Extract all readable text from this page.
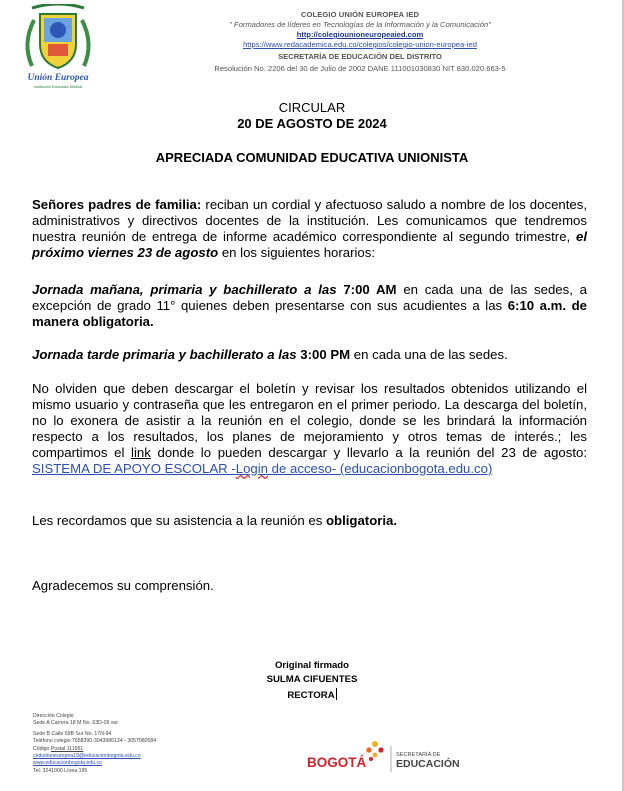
Unión Europea
Institución Educativa Distrital
COLEGIO UNIÓN EUROPEA IED
" Formadores de líderes en Tecnologías de la Información y la Comunicación"
http://colegiounioneuropeaied.com
https://www.redacademica.edu.co/colegios/colegio-union-europea-ied
SECRETARÍA DE EDUCACIÓN DEL DISTRITO
Resolución No. 2206 del 30 de Julio de 2002 DANE 111001030830 NIT 830.020.663-5
CIRCULAR
20 DE AGOSTO DE 2024
APRECIADA COMUNIDAD EDUCATIVA UNIONISTA
Señores padres de familia: reciban un cordial y afectuoso saludo a nombre de los docentes, administrativos y directivos docentes de la institución. Les comunicamos que tendremos nuestra reunión de entrega de informe académico correspondiente al segundo trimestre, el próximo viernes 23 de agosto en los siguientes horarios:
Jornada mañana, primaria y bachillerato a las 7:00 AM en cada una de las sedes, a excepción de grado 11° quienes deben presentarse con sus acudientes a las 6:10 a.m. de manera obligatoria.
Jornada tarde primaria y bachillerato a las 3:00 PM en cada una de las sedes.
No olviden que deben descargar el boletín y revisar los resultados obtenidos utilizando el mismo usuario y contraseña que les entregaron en el primer periodo. La descarga del boletín, no lo exonera de asistir a la reunión en el colegio, donde se les brindará la información respecto a los resultados, los planes de mejoramiento y otros temas de interés.; les compartimos el link donde lo pueden descargar y llevarlo a la reunión del 23 de agosto: SISTEMA DE APOYO ESCOLAR -Login de acceso- (educacionbogota.edu.co)
Les recordamos que su asistencia a la reunión es obligatoria.
Agradecemos su comprensión.
Original firmado
SULMA CIFUENTES
RECTORA
Dirección Colegio
Sede A Carrera 18 M No. 63D-09 sur
Sede B Calle 69B Sur No. 17N-94
Teléfono colegio 7658390-3043986134 - 3057980584
Código Postal 111951
ceduniuneuropea19@educacionbogota.edu.co
www.educacionbogota.edu.co
Tel: 3241000 Línea 195
BOGOTÁ	SECRETARÍA DE
EDUCACIÓN
